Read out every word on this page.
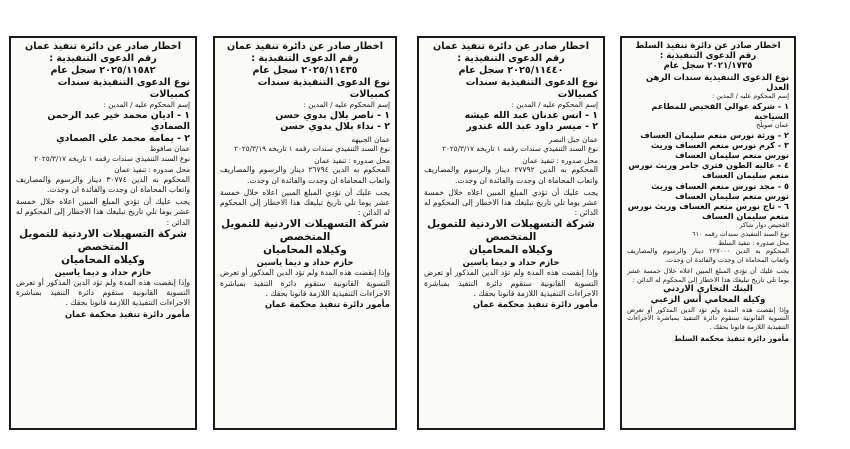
اخطار صادر عن دائرة تنفيذ عمان
رقم الدعوى التنفيذية :
٢٠٢٥/١١٥٨٢ سجل عام
نوع الدعوى التنفيذية سندات كمبيالات
إسم المحكوم عليه / المدين :
١ - اديان محمد خير عبد الرحمن الصمادي
٢ - يمامه محمد علي الصمادي
عمان صافوط
نوع السند التنفيذي سندات رقمه ١ تاريخه ٢٠٢٥/٣/١٧
محل صدوره : تنفيذ عمان
المحكوم به الدين ٣٠٧٧٤ دينار والرسوم والمصاريف واتعاب المحاماة ان وجدت والفائدة ان وجدت.
يجب عليك أن تؤدي المبلغ المبين اعلاه خلال خمسة عشر يوما تلي تاريخ تبليغك هذا الاخطار إلى المحكوم له الدائن :
شركة التسهيلات الاردنية للتمويل المتخصص
وكيلاه المحاميان
حازم حداد و ديما ياسين
وإذا إنقضت هذه المدة ولم تؤد الدين المذكور أو تعرض التسوية القانونية ستقوم دائرة التنفيذ بمباشرة الاجراءات التنفيذية اللازمة قانونا بحقك .
مأمور دائرة تنفيذ محكمة عمان
اخطار صادر عن دائرة تنفيذ عمان
رقم الدعوى التنفيذية :
٢٠٢٥/١١٤٣٥ سجل عام
نوع الدعوى التنفيذية سندات كمبيالات
إسم المحكوم عليه / المدين :
١ - ناصر بلال بدوي حسن
٢ - نداء بلال بدوي حسن
عمان الجبيهه
نوع السند التنفيذي سندات رقمه ١ تاريخه ٢٠٢٥/٣/١٩
محل صدوره : تنفيذ عمان
المحكوم به الدين ٢٦٧٩٤ دينار والرسوم والمصاريف واتعاب المحاماة ان وجدت والفائدة ان وجدت.
يجب عليك أن تؤدي المبلغ المبين اعلاه خلال خمسة عشر يوما تلي تاريخ تبليغك هذا الاخطار إلى المحكوم له الدائن :
شركة التسهيلات الاردنية للتمويل المتخصص
وكيلاه المحاميان
حازم حداد و ديما ياسين
وإذا إنقضت هذه المدة ولم تؤد الدين المذكور أو تعرض التسوية القانونية ستقوم دائرة التنفيذ بمباشرة الاجراءات التنفيذية اللازمة قانونا بحقك .
مأمور دائرة تنفيذ محكمة عمان
اخطار صادر عن دائرة تنفيذ عمان
رقم الدعوى التنفيذية :
٢٠٢٥/١١٤٤٠ سجل عام
نوع الدعوى التنفيذية سندات كمبيالات
إسم المحكوم عليه / المدين :
١ - انس عدنان عبد الله عيشه
٢ - ميسر داود عبد الله غندور
عمان جبل النصر
نوع السند التنفيذي سندات رقمه ١ تاريخه ٢٠٢٥/٣/١٧
محل صدوره : تنفيذ عمان
المحكوم به الدين ٢٧٧٩٢ دينار والرسوم والمصاريف واتعاب المحاماة ان وجدت والفائدة ان وجدت.
يجب عليك أن تؤدي المبلغ المبين اعلاه خلال خمسة عشر يوما تلي تاريخ تبليغك هذا الاخطار إلى المحكوم له الدائن :
شركة التسهيلات الاردنية للتمويل المتخصص
وكيلاه المحاميان
حازم حداد و ديما ياسين
وإذا إنقضت هذه المدة ولم تؤد الدين المذكور أو تعرض التسوية القانونية ستقوم دائرة التنفيذ بمباشرة الاجراءات التنفيذية اللازمة قانونا بحقك .
مأمور دائرة تنفيذ محكمة عمان
اخطار صادر عن دائرة تنفيذ السلط
رقم الدعوى التنفيذية :
٢٠٢١/١٧٣٥ سجل عام
نوع الدعوى التنفيذية سندات الرهن العدل
إسم المحكوم عليه / المدين :
١ - شركة عوالي القحيص للمطاعم السياحية
عمان صويلح
٢ - ورثة نورس منعم سليمان العساف
٣ - كرم نورس منعم العساف وريث نورس منعم سليمان العساف
٤ - عاليه الطون فتري جامر وريث نورس منعم سليمان العساف
٥ - مجد نورس منعم العساف وريث نورس منعم سليمان العساف
٦ - تاج نورس منعم العساف وريث نورس منعم سليمان العساف
الفحيص دوار شاكر
نوع السند التنفيذي سندات رقمه ٦١٠
محل صدوره : تنفيذ السلط
المحكوم به الدين ٢٢٧٠٠٠ دينار والرسوم والمصاريف واتعاب المحاماة ان وجدت والفائدة ان وجدت.
يجب عليك أن تؤدي المبلغ المبين اعلاه خلال خمسة عشر يوما تلي تاريخ تبليغك هذا الاخطار إلى المحكوم له الدائن :
البنك التجاري الاردني
وكيله المحامي أنس الزعبي
وإذا إنقضت هذه المدة ولم تؤد الدين المذكور أو تعرض التسوية القانونية ستقوم دائرة التنفيذ بمباشرة الاجراءات التنفيذية اللازمة قانونا بحقك .
مأمور دائرة تنفيذ محكمة السلط
